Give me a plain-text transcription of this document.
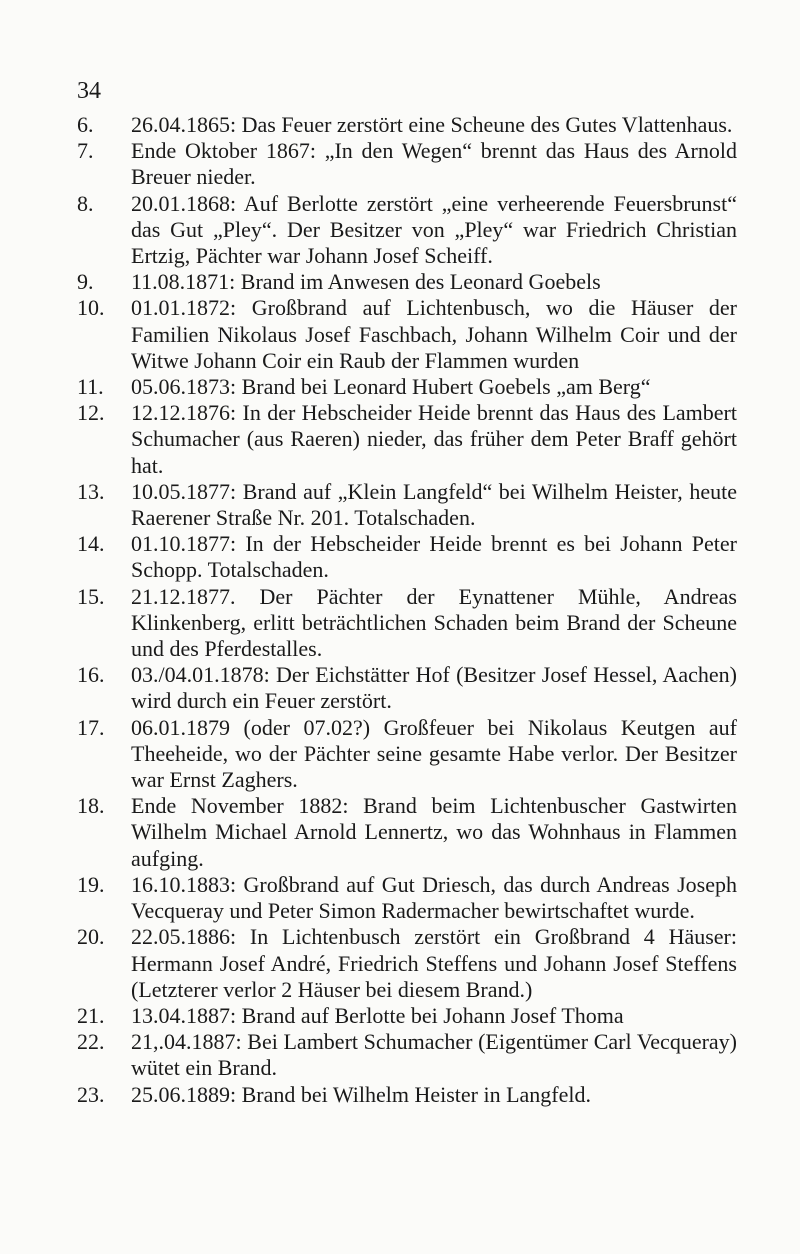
34
6. 26.04.1865: Das Feuer zerstört eine Scheune des Gutes Vlattenhaus.
7. Ende Oktober 1867: „In den Wegen“ brennt das Haus des Arnold Breuer nieder.
8. 20.01.1868: Auf Berlotte zerstört „eine verheerende Feuersbrunst“ das Gut „Pley“. Der Besitzer von „Pley“ war Friedrich Christian Ertzig, Pächter war Johann Josef Scheiff.
9. 11.08.1871: Brand im Anwesen des Leonard Goebels
10. 01.01.1872: Großbrand auf Lichtenbusch, wo die Häuser der Familien Nikolaus Josef Faschbach, Johann Wilhelm Coir und der Witwe Johann Coir ein Raub der Flammen wurden
11. 05.06.1873: Brand bei Leonard Hubert Goebels „am Berg“
12. 12.12.1876: In der Hebscheider Heide brennt das Haus des Lambert Schumacher (aus Raeren) nieder, das früher dem Peter Braff gehört hat.
13. 10.05.1877: Brand auf „Klein Langfeld“ bei Wilhelm Heister, heute Raerener Straße Nr. 201. Totalschaden.
14. 01.10.1877: In der Hebscheider Heide brennt es bei Johann Peter Schopp. Totalschaden.
15. 21.12.1877. Der Pächter der Eynattener Mühle, Andreas Klinkenberg, erlitt beträchtlichen Schaden beim Brand der Scheune und des Pferdestalles.
16. 03./04.01.1878: Der Eichstätter Hof (Besitzer Josef Hessel, Aachen) wird durch ein Feuer zerstört.
17. 06.01.1879 (oder 07.02?) Großfeuer bei Nikolaus Keutgen auf Theeheide, wo der Pächter seine gesamte Habe verlor. Der Besitzer war Ernst Zaghers.
18. Ende November 1882: Brand beim Lichtenbuscher Gastwirten Wilhelm Michael Arnold Lennertz, wo das Wohnhaus in Flammen aufging.
19. 16.10.1883: Großbrand auf Gut Driesch, das durch Andreas Joseph Vecqueray und Peter Simon Radermacher bewirtschaftet wurde.
20. 22.05.1886: In Lichtenbusch zerstört ein Großbrand 4 Häuser: Hermann Josef André, Friedrich Steffens und Johann Josef Steffens (Letzterer verlor 2 Häuser bei diesem Brand.)
21. 13.04.1887: Brand auf Berlotte bei Johann Josef Thoma
22. 21,.04.1887: Bei Lambert Schumacher (Eigentümer Carl Vecqueray) wütet ein Brand.
23. 25.06.1889: Brand bei Wilhelm Heister in Langfeld.
